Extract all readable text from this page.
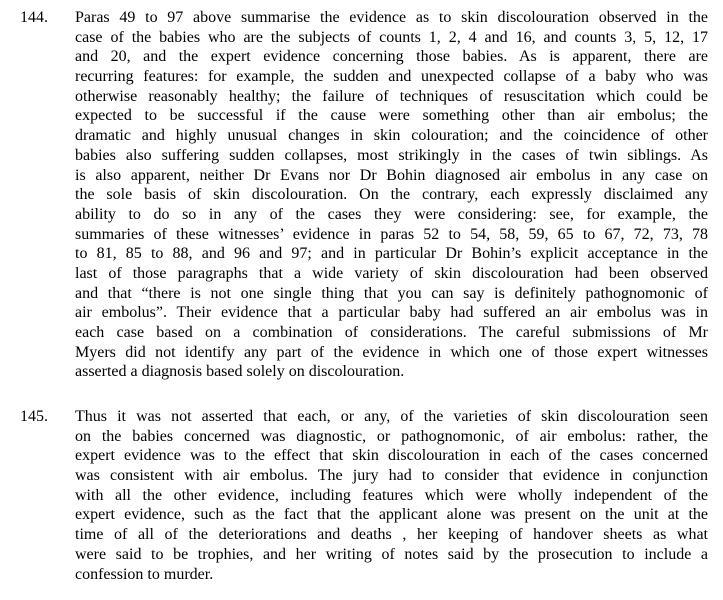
144. Paras 49 to 97 above summarise the evidence as to skin discolouration observed in the
case of the babies who are the subjects of counts 1, 2, 4 and 16, and counts 3, 5, 12, 17
and 20, and the expert evidence concerning those babies. As is apparent, there are
recurring features: for example, the sudden and unexpected collapse of a baby who was
otherwise reasonably healthy; the failure of techniques of resuscitation which could be
expected to be successful if the cause were something other than air embolus; the
dramatic and highly unusual changes in skin colouration; and the coincidence of other
babies also suffering sudden collapses, most strikingly in the cases of twin siblings. As
is also apparent, neither Dr Evans nor Dr Bohin diagnosed air embolus in any case on
the sole basis of skin discolouration. On the contrary, each expressly disclaimed any
ability to do so in any of the cases they were considering: see, for example, the
summaries of these witnesses’ evidence in paras 52 to 54, 58, 59, 65 to 67, 72, 73, 78
to 81, 85 to 88, and 96 and 97; and in particular Dr Bohin’s explicit acceptance in the
last of those paragraphs that a wide variety of skin discolouration had been observed
and that “there is not one single thing that you can say is definitely pathognomonic of
air embolus”. Their evidence that a particular baby had suffered an air embolus was in
each case based on a combination of considerations. The careful submissions of Mr
Myers did not identify any part of the evidence in which one of those expert witnesses
asserted a diagnosis based solely on discolouration.
145. Thus it was not asserted that each, or any, of the varieties of skin discolouration seen
on the babies concerned was diagnostic, or pathognomonic, of air embolus: rather, the
expert evidence was to the effect that skin discolouration in each of the cases concerned
was consistent with air embolus. The jury had to consider that evidence in conjunction
with all the other evidence, including features which were wholly independent of the
expert evidence, such as the fact that the applicant alone was present on the unit at the
time of all of the deteriorations and deaths , her keeping of handover sheets as what
were said to be trophies, and her writing of notes said by the prosecution to include a
confession to murder.
